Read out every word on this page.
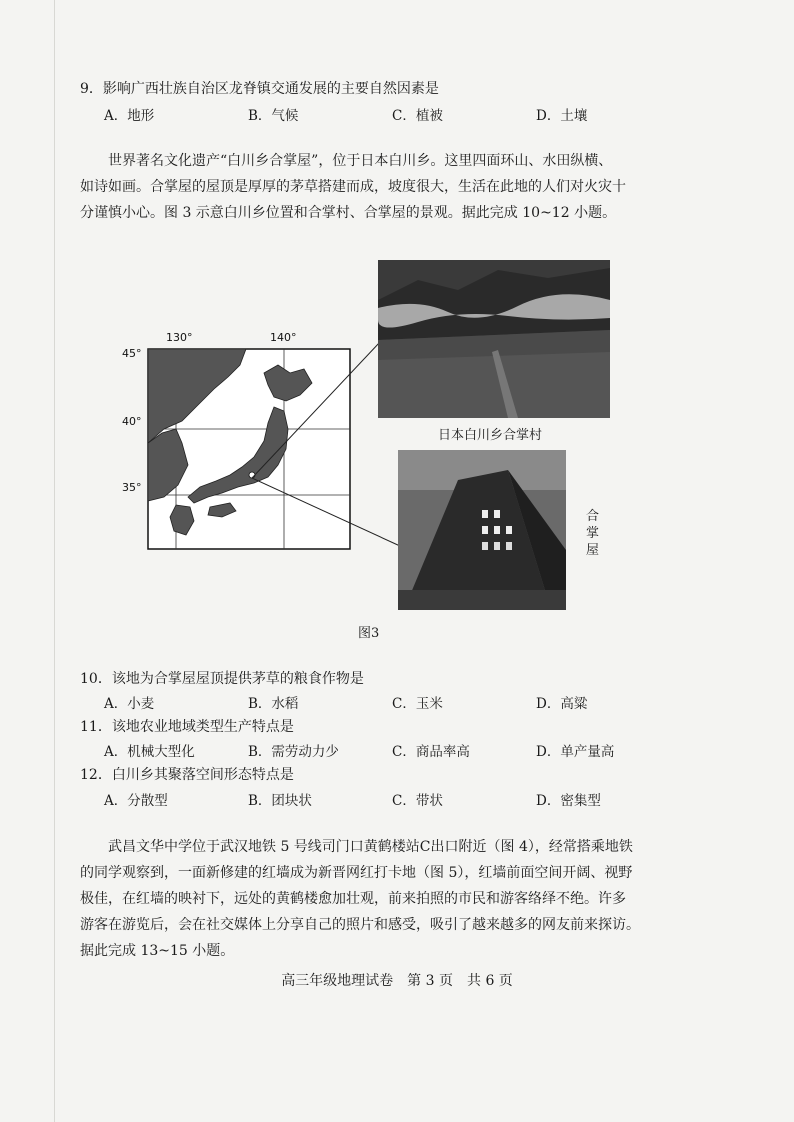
9．影响广西壮族自治区龙脊镇交通发展的主要自然因素是
A．地形	B．气候	C．植被	D．土壤
世界著名文化遗产“白川乡合掌屋”，位于日本白川乡。这里四面环山、水田纵横、
如诗如画。合掌屋的屋顶是厚厚的茅草搭建而成，坡度很大，生活在此地的人们对火灾十
分谨慎小心。图 3 示意白川乡位置和合掌村、合掌屋的景观。据此完成 10~12 小题。
130°	140°
45°
40°
35°
日本白川乡合掌村
合掌屋
图3
10．该地为合掌屋屋顶提供茅草的粮食作物是
A．小麦	B．水稻	C．玉米	D．高粱
11．该地农业地域类型生产特点是
A．机械大型化	B．需劳动力少	C．商品率高	D．单产量高
12．白川乡其聚落空间形态特点是
A．分散型	B．团块状	C．带状	D．密集型
武昌文华中学位于武汉地铁 5 号线司门口黄鹤楼站C出口附近（图 4），经常搭乘地铁
的同学观察到，一面新修建的红墙成为新晋网红打卡地（图 5），红墙前面空间开阔、视野
极佳，在红墙的映衬下，远处的黄鹤楼愈加壮观，前来拍照的市民和游客络绎不绝。许多
游客在游览后，会在社交媒体上分享自己的照片和感受，吸引了越来越多的网友前来探访。
据此完成 13~15 小题。
高三年级地理试卷　第 3 页　共 6 页
